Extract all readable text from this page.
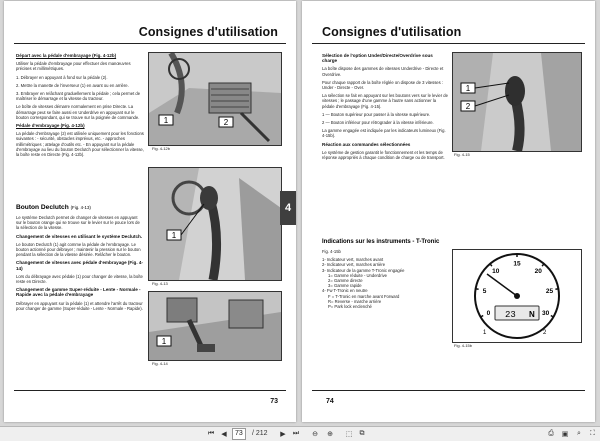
Consignes d'utilisation

Départ avec la pédale d'embrayage (Fig. 4-12b)

Utiliser la pédale d'embrayage pour effectuer des manœuvres précises et millimétriques.

1. Débrayer en appuyant à fond sur la pédale (2).

2. Mettre la manette de l'inverseur (1) en avant ou en arrière.

3. Embrayer en relâchant graduellement la pédale ; cela permet de maîtriser le démarrage et la vitesse du tracteur.

Le boîte de vitesses démarre normalement en prise Directe. La démarrage peut se faire aussi en Underdrive en appuyant sur le bouton correspondant, qui se trouve sur la poignée de commande.

Pédale d'embrayage (Fig. 4-12b)

La pédale d'embrayage (2) est utilisée uniquement pour les fonctions suivantes : - sécurité, obstacles imprévus, etc. - approches millimétriques ; attelage d'outils etc. - En appuyant sur la pédale d'embrayage au lieu du bouton Declutch pour sélectionner la vitesse, la boîte reste en Directe (Fig. 4-12b).

Bouton Declutch (Fig. 4-13)

Le système Declutch permet de changer de vitesses en appuyant sur le bouton orange qui se trouve sur le levier sur le pouce lors de la sélection de la vitesse.

Changement de vitesses en utilisant le système Declutch.

Le bouton Declutch (1) agit comme la pédale de l'embrayage. Le bouton actionné pour débrayer ; maintenir la pression sur le bouton pendant la sélection de la vitesse désirée. Relâcher le bouton.

Changement de vitesses avec pédale d'embrayage (Fig. 4-14)

Lors du débrayage avec pédale (1) pour changer de vitesse, la boîte reste en Directe.

Changement de gamme Super-réduite - Lente - Normale - Rapide avec la pédale d'embrayage

Débrayer en appuyant sur la pédale (1) et attendre l'arrêt du tracteur pour changer de gamme (Super-réduite - Lente - Normale - Rapide).

1	2
Fig. 4-12b
1
Fig. 4-13
1
Fig. 4-14
73
4
Consignes d'utilisation

Sélection de l'option Under/Directe/Overdrive sous charge

La boîte dispose des gammes de vitesses Underdrive - Directe et Overdrive.

Pour chaque rapport de la boîte réglée on dispose de 3 vitesses : Under - Directe - Over.

La sélection se fait en appuyant sur les boutons vers sur le levier de vitesses ; le passage d'une gamme à l'autre sans actionner la pédale d'embrayage (Fig. 4-15).

1 — Bouton supérieur pour passer à la vitesse supérieure.

2 — Bouton inférieur pour rétrograder à la vitesse inférieure.

La gamme engagée est indiquée par les indicateurs lumineux (Fig. 4-15b).

Réaction aux commandes sélectionnées

Le système de gestion garantit le fonctionnement et les temps de réponse appropriés à chaque condition de charge ou de transport.

1
2
Fig. 4-15

Indications sur les instruments - T-Tronic

Fig. 4-15b

1- Indicateur vert, marches avant
2- Indicateur vert, marches arrière
3- Indicateur de la gamme T-Tronic engagée
1= Gamme réduite - Underdrive
2= Gamme directe
3= Gamme rapide
4- Fw T-Tronic en neutre
F = T-Tronic en marche avant Forward
R= Reverse - marche arrière
P= Park lock enclenché
0
5
10
15
20
25
30
23 N
1	2
Fig. 4-15b
74
⏮	◀	73	/ 212	▶	⏭ ⊖ ⊕ ⬚	⧉	⎙	▣	⌕	⛶
